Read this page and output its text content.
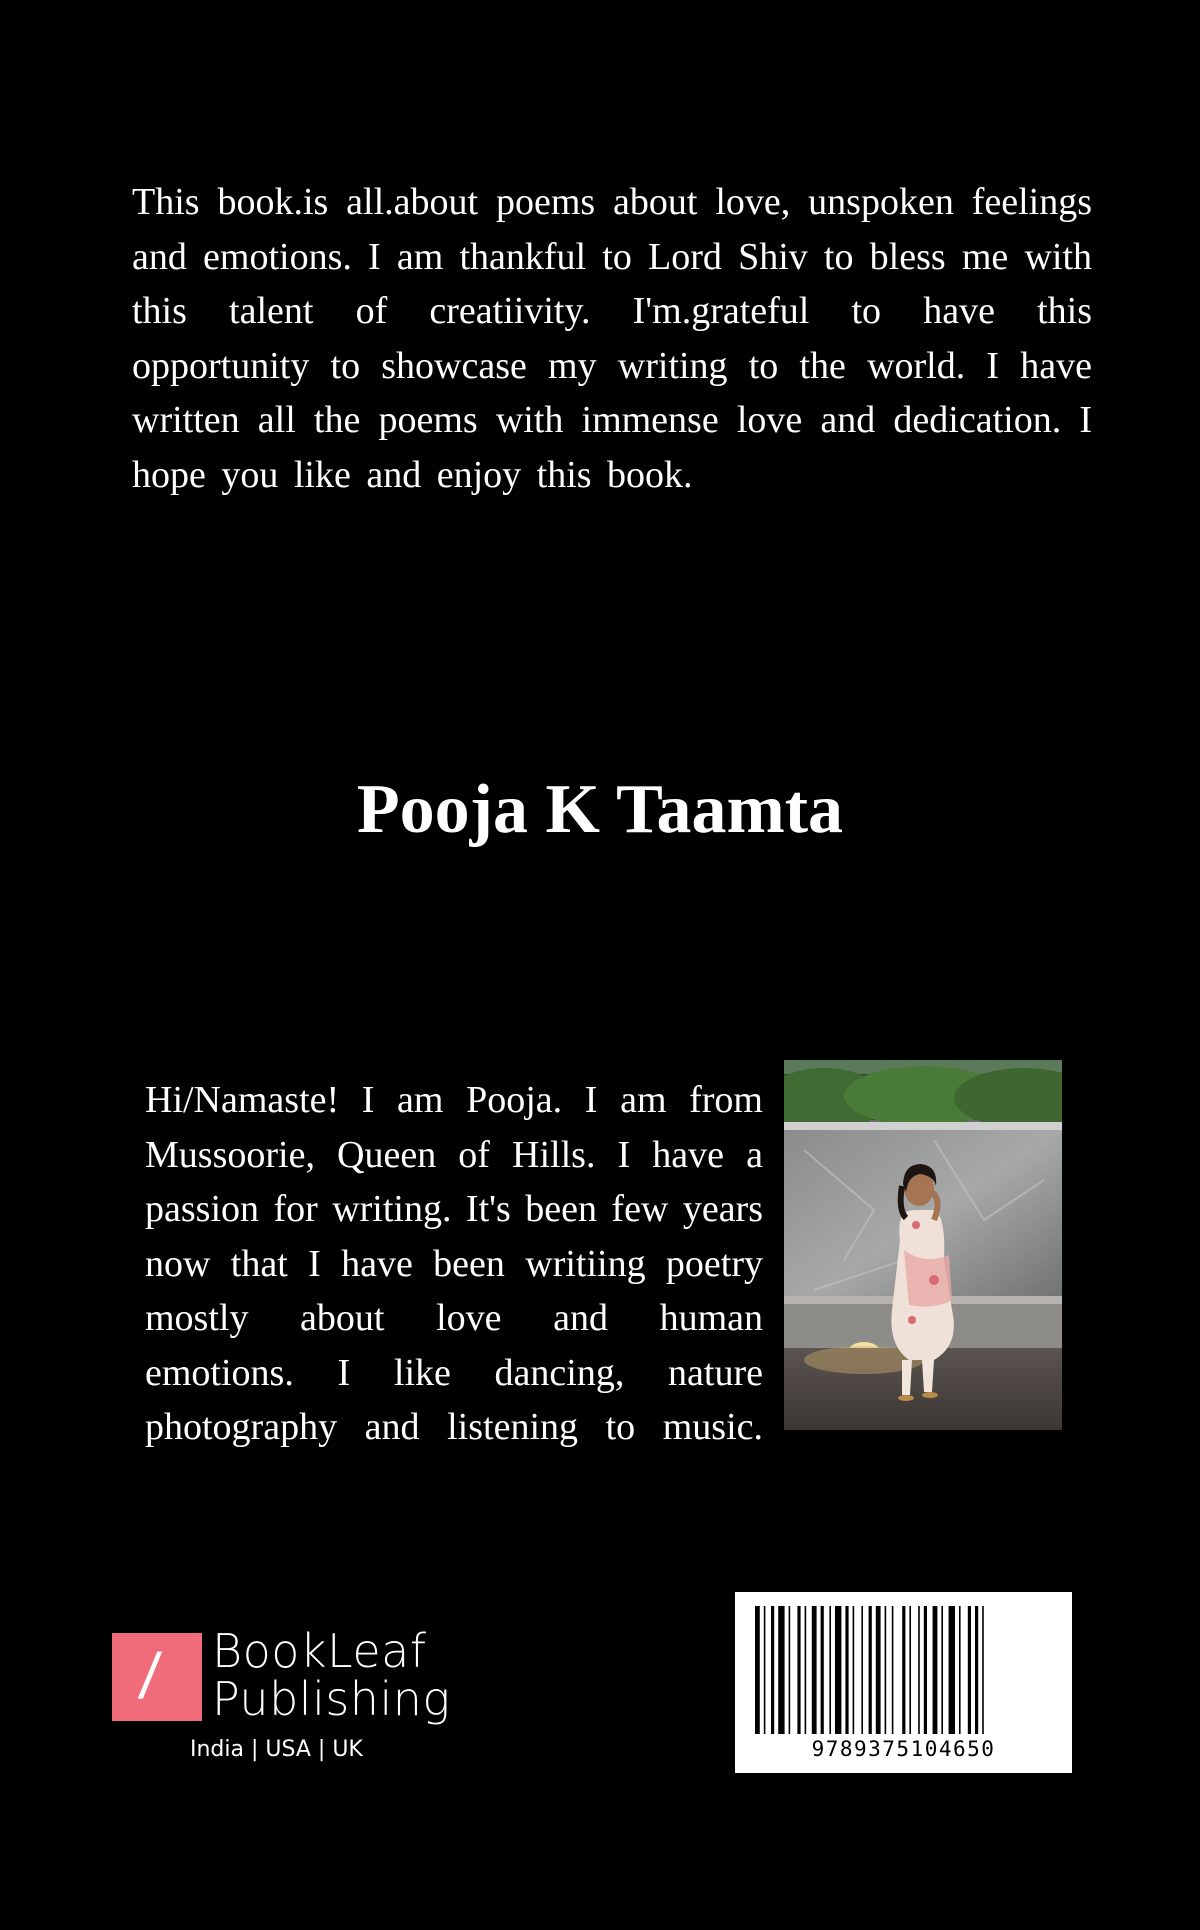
This book.is all.about poems about love, unspoken feelings and emotions. I am thankful to Lord Shiv to bless me with this talent of creatiivity. I'm.grateful to have this opportunity to showcase my writing to the world. I have written all the poems with immense love and dedication. I hope you like and enjoy this book.

Pooja K Taamta

Hi/Namaste! I am Pooja. I am from Mussoorie, Queen of Hills. I have a passion for writing. It's been few years now that I have been writiing poetry mostly about love and human emotions. I like dancing, nature photography and listening to music.

/ BookLeaf

Publishing

India | USA | UK	9789375104650
